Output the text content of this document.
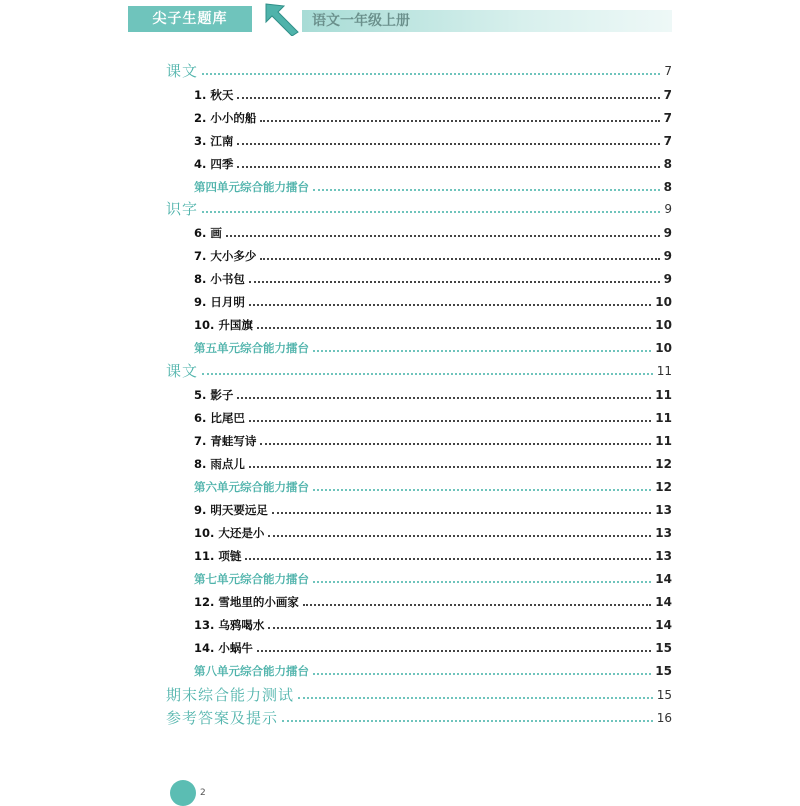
尖子生题库	语文一年级上册
课文	7
1. 秋天	7
2. 小小的船	7
3. 江南	7
4. 四季	8
第四单元综合能力擂台	8
识字	9
6. 画	9
7. 大小多少	9
8. 小书包	9
9. 日月明	10
10. 升国旗	10
第五单元综合能力擂台	10
课文	11
5. 影子	11
6. 比尾巴	11
7. 青蛙写诗	11
8. 雨点儿	12
第六单元综合能力擂台	12
9. 明天要远足	13
10. 大还是小	13
11. 项链	13
第七单元综合能力擂台	14
12. 雪地里的小画家	14
13. 乌鸦喝水	14
14. 小蜗牛	15
第八单元综合能力擂台	15
期末综合能力测试	15
参考答案及提示	16
2
